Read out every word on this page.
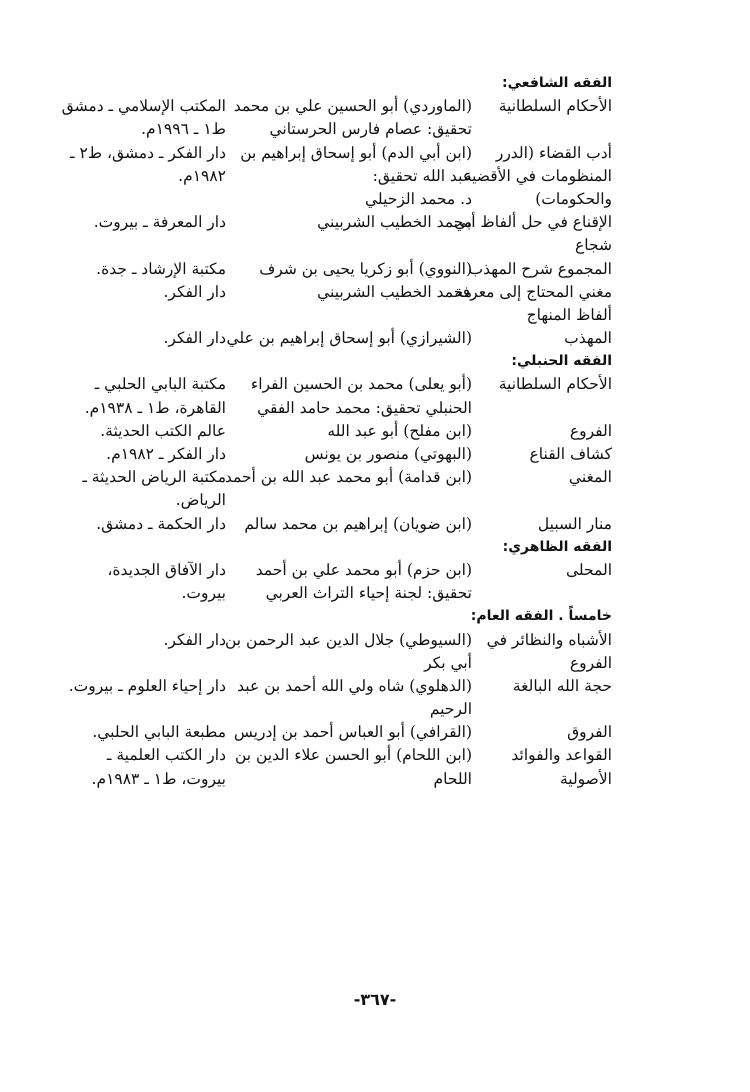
الفقه الشافعي:
الأحكام السلطانية
(الماوردي) أبو الحسين علي بن محمد
تحقيق: عصام فارس الحرستاني
المكتب الإسلامي ـ دمشق
ط١ ـ ١٩٩٦م.
أدب القضاء (الدرر
المنظومات في الأقضية
والحكومات)
(ابن أبي الدم) أبو إسحاق إبراهيم بن
عبد الله تحقيق:
د. محمد الزحيلي
دار الفكر ـ دمشق، ط٢ ـ
١٩٨٢م.
الإقناع في حل ألفاظ أبي
شجاع
محمد الخطيب الشربيني
دار المعرفة ـ بيروت.
المجموع شرح المهذب
(النووي) أبو زكريا يحيى بن شرف
مكتبة الإرشاد ـ جدة.
مغني المحتاج إلى معرفة
ألفاظ المنهاج
محمد الخطيب الشربيني
دار الفكر.
المهذب
(الشيرازي) أبو إسحاق إبراهيم بن علي
دار الفكر.
الفقه الحنبلي:
الأحكام السلطانية
(أبو يعلى) محمد بن الحسين الفراء
الحنبلي تحقيق: محمد حامد الفقي
مكتبة البابي الحلبي ـ
القاهرة، ط١ ـ ١٩٣٨م.
الفروع
(ابن مفلح) أبو عبد الله
عالم الكتب الحديثة.
كشاف القناع
(البهوتي) منصور بن يونس
دار الفكر ـ ١٩٨٢م.
المغني
(ابن قدامة) أبو محمد عبد الله بن أحمد
مكتبة الرياض الحديثة ـ
الرياض.
منار السبيل
(ابن ضويان) إبراهيم بن محمد سالم
دار الحكمة ـ دمشق.
الفقه الظاهري:
المحلى
(ابن حزم) أبو محمد علي بن أحمد
تحقيق: لجنة إحياء التراث العربي
دار الآفاق الجديدة،
بيروت.
خامساً . الفقه العام:
الأشباه والنظائر في
الفروع
(السيوطي) جلال الدين عبد الرحمن بن
أبي بكر
دار الفكر.
حجة الله البالغة
(الدهلوي) شاه ولي الله أحمد بن عبد
الرحيم
دار إحياء العلوم ـ بيروت.
الفروق
(القرافي) أبو العباس أحمد بن إدريس
مطبعة البابي الحلبي.
القواعد والفوائد
الأصولية
(ابن اللحام) أبو الحسن علاء الدين بن
اللحام
دار الكتب العلمية ـ
بيروت، ط١ ـ ١٩٨٣م.
-٣٦٧-
